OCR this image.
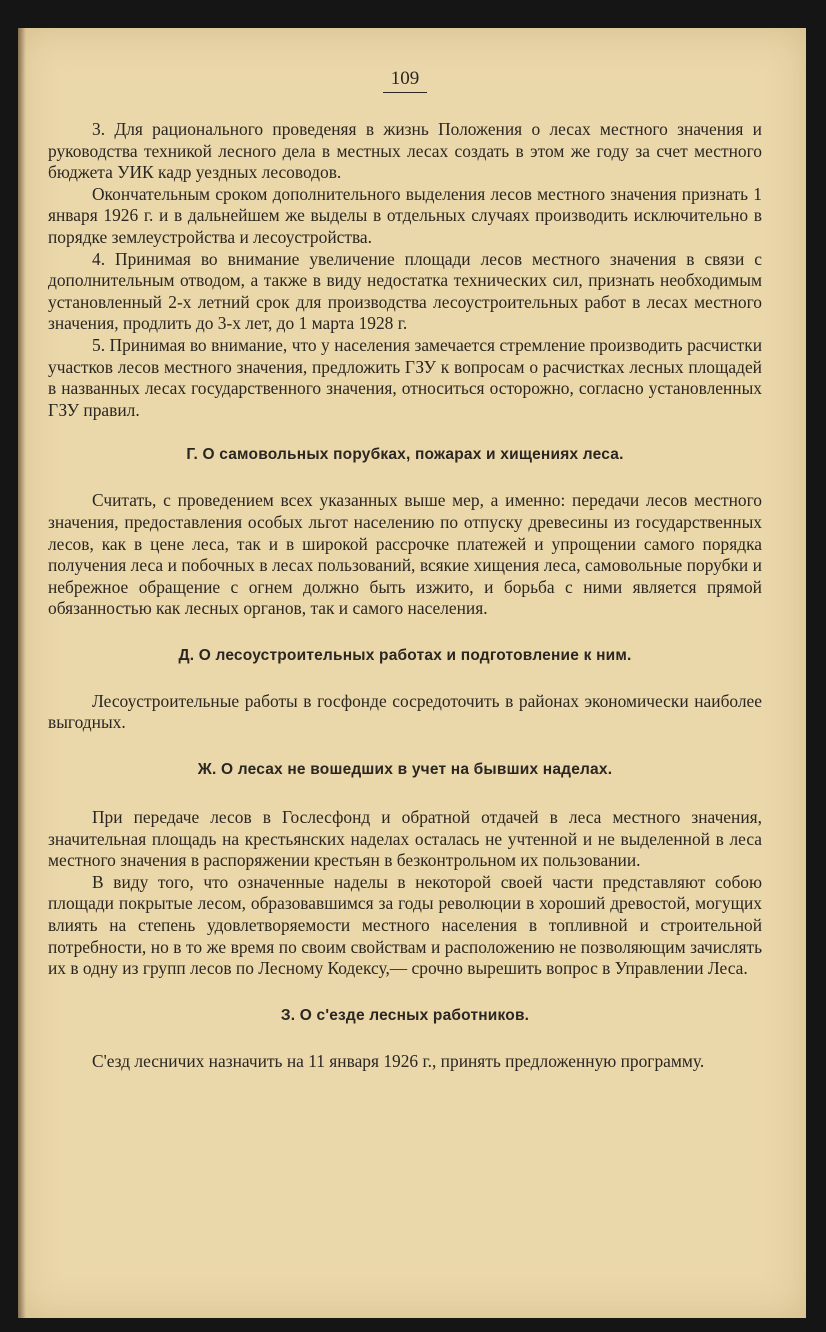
109

3. Для рационального проведеняя в жизнь Положения о лесах местного значения и руководства техникой лесного дела в местных лесах создать в этом же году за счет местного бюджета УИК кадр уездных лесоводов.

Окончательным сроком дополнительного выделения лесов местного значения признать 1 января 1926 г. и в дальнейшем же выделы в отдельных случаях производить исключительно в порядке землеустройства и лесоустройства.

4. Принимая во внимание увеличение площади лесов местного значения в связи с дополнительным отводом, а также в виду недостатка технических сил, признать необходимым установленный 2-х летний срок для производства лесоустроительных работ в лесах местного значения, продлить до 3-х лет, до 1 марта 1928 г.

5. Принимая во внимание, что у населения замечается стремление производить расчистки участков лесов местного значения, предложить ГЗУ к вопросам о расчистках лесных площадей в названных лесах государственного значения, относиться осторожно, согласно установленных ГЗУ правил.

Г. О самовольных порубках, пожарах и хищениях леса.

Считать, с проведением всех указанных выше мер, а именно: передачи лесов местного значения, предоставления особых льгот населению по отпуску древесины из государственных лесов, как в цене леса, так и в широкой рассрочке платежей и упрощении самого порядка получения леса и побочных в лесах пользований, всякие хищения леса, самовольные порубки и небрежное обращение с огнем должно быть изжито, и борьба с ними является прямой обязанностью как лесных органов, так и самого населения.

Д. О лесоустроительных работах и подготовление к ним.

Лесоустроительные работы в госфонде сосредоточить в районах экономически наиболее выгодных.

Ж. О лесах не вошедших в учет на бывших наделах.

При передаче лесов в Гослесфонд и обратной отдачей в леса местного значения, значительная площадь на крестьянских наделах осталась не учтенной и не выделенной в леса местного значения в распоряжении крестьян в безконтрольном их пользовании.

В виду того, что означенные наделы в некоторой своей части представляют собою площади покрытые лесом, образовавшимся за годы революции в хороший древостой, могущих влиять на степень удовлетворяемости местного населения в топливной и строительной потребности, но в то же время по своим свойствам и расположению не позволяющим зачислять их в одну из групп лесов по Лесному Кодексу,— срочно вырешить вопрос в Управлении Леса.

З. О с'езде лесных работников.

С'езд лесничих назначить на 11 января 1926 г., принять предложенную программу.
